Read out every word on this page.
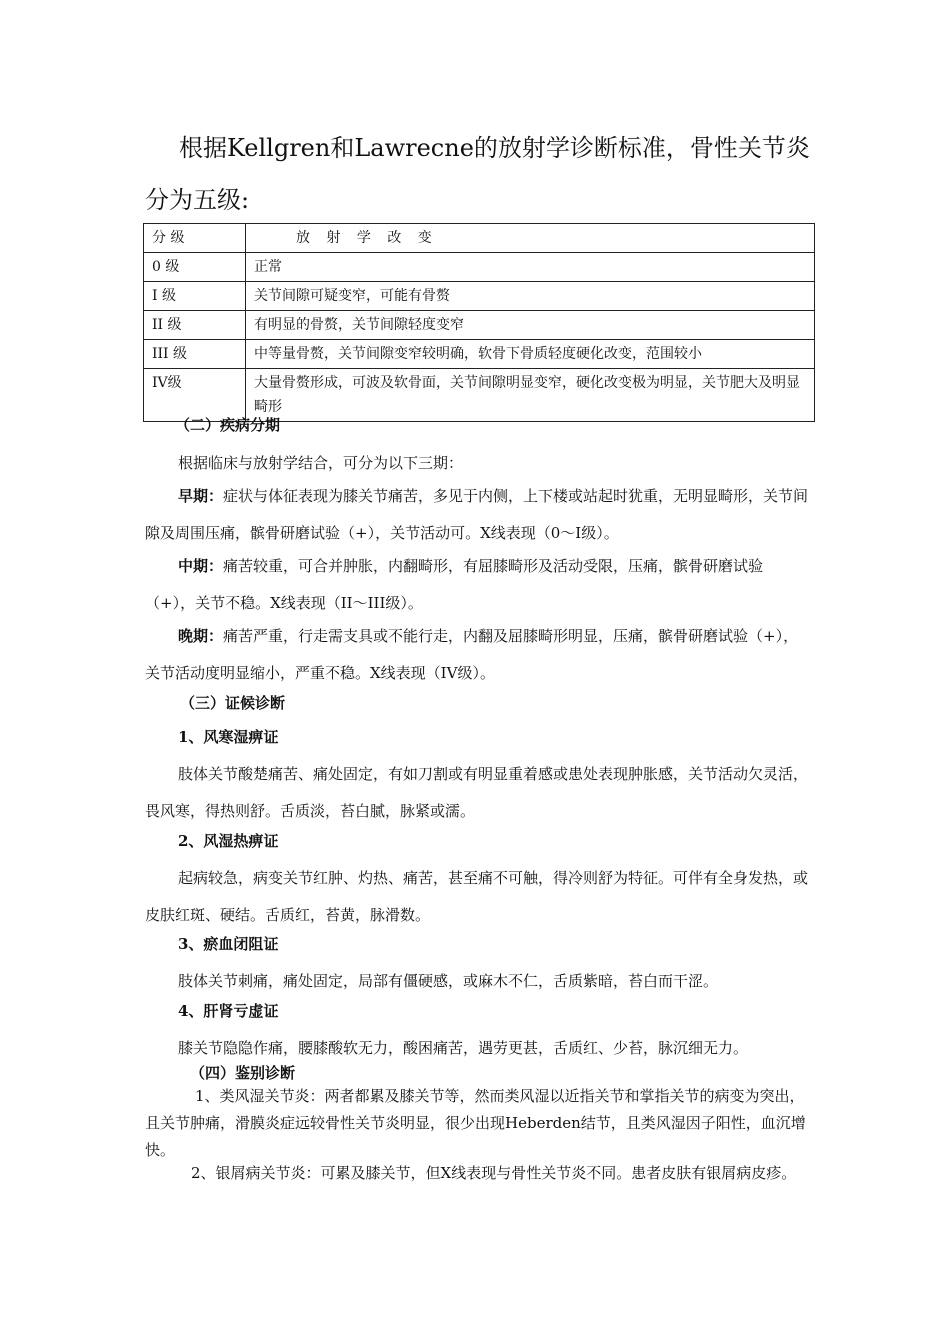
根据Kellgren和Lawrecne的放射学诊断标准，骨性关节炎分为五级:

分 级	放 射 学 改 变
0 级	正常
I 级	关节间隙可疑变窄，可能有骨赘
II 级	有明显的骨赘，关节间隙轻度变窄
III 级	中等量骨赘，关节间隙变窄较明确，软骨下骨质轻度硬化改变，范围较小
IV级	大量骨赘形成，可波及软骨面，关节间隙明显变窄，硬化改变极为明显，关节肥大及明显畸形

（二）疾病分期

根据临床与放射学结合，可分为以下三期：

早期：症状与体征表现为膝关节痛苦，多见于内侧，上下楼或站起时犹重，无明显畸形，关节间隙及周围压痛，髌骨研磨试验（+），关节活动可。X线表现（0～I级）。

中期：痛苦较重，可合并肿胀，内翻畸形，有屈膝畸形及活动受限，压痛，髌骨研磨试验（+），关节不稳。X线表现（II～III级）。

晚期：痛苦严重，行走需支具或不能行走，内翻及屈膝畸形明显，压痛，髌骨研磨试验（+），关节活动度明显缩小，严重不稳。X线表现（IV级）。

（三）证候诊断

1、风寒湿痹证

肢体关节酸楚痛苦、痛处固定，有如刀割或有明显重着感或患处表现肿胀感，关节活动欠灵活，畏风寒，得热则舒。舌质淡，苔白腻，脉紧或濡。

2、风湿热痹证

起病较急，病变关节红肿、灼热、痛苦，甚至痛不可触，得冷则舒为特征。可伴有全身发热，或皮肤红斑、硬结。舌质红，苔黄，脉滑数。

3、瘀血闭阻证

肢体关节刺痛，痛处固定，局部有僵硬感，或麻木不仁，舌质紫暗，苔白而干涩。

4、肝肾亏虚证

膝关节隐隐作痛，腰膝酸软无力，酸困痛苦，遇劳更甚，舌质红、少苔，脉沉细无力。

（四）鉴别诊断

1、类风湿关节炎：两者都累及膝关节等，然而类风湿以近指关节和掌指关节的病变为突出，且关节肿痛，滑膜炎症远较骨性关节炎明显，很少出现Heberden结节，且类风湿因子阳性，血沉增快。

2、银屑病关节炎：可累及膝关节，但X线表现与骨性关节炎不同。患者皮肤有银屑病皮疹。
